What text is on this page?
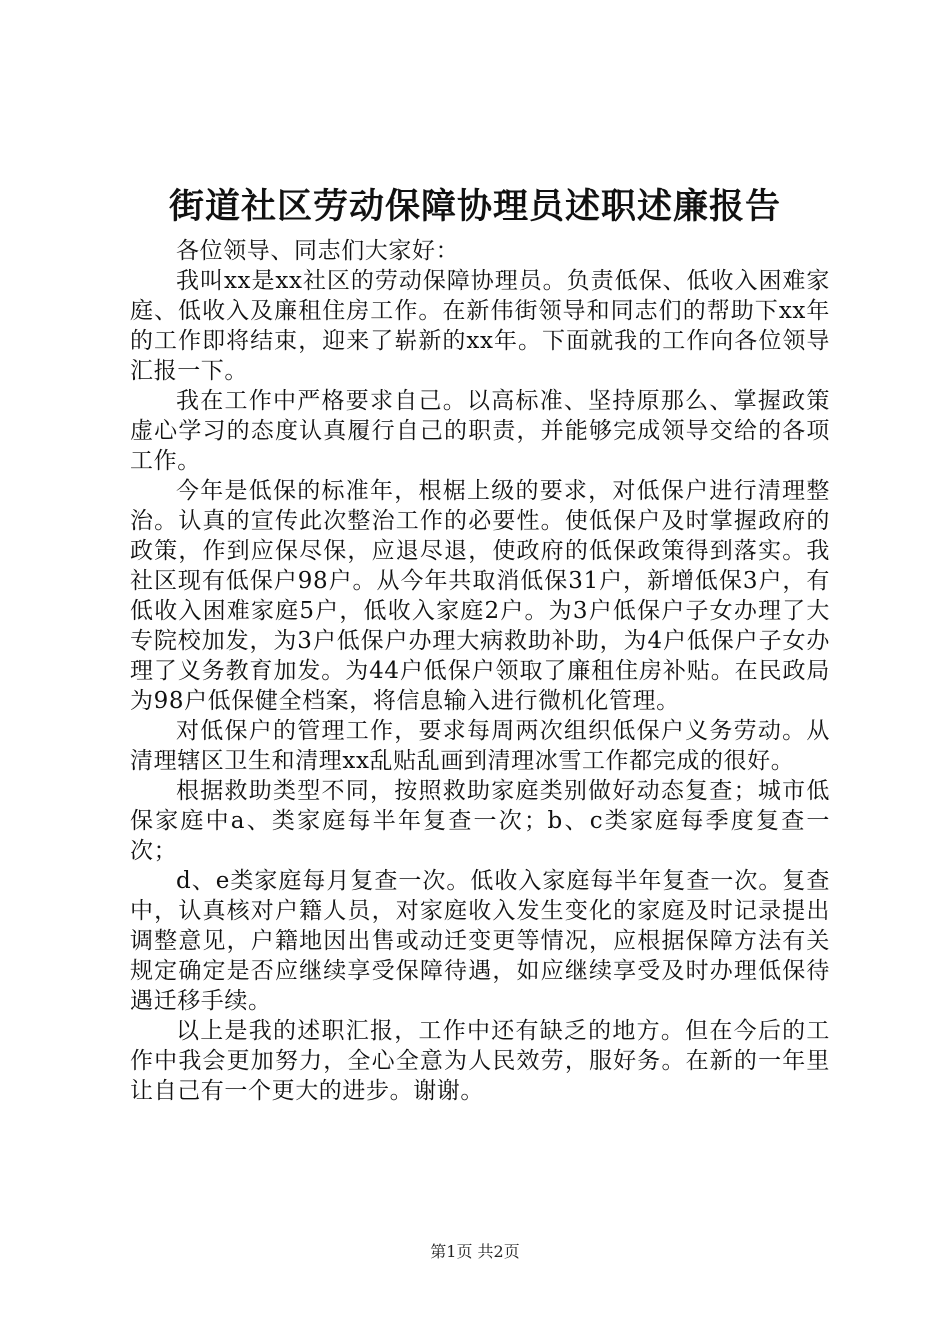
街道社区劳动保障协理员述职述廉报告

各位领导、同志们大家好：

我叫xx是xx社区的劳动保障协理员。负责低保、低收入困难家庭、低收入及廉租住房工作。在新伟街领导和同志们的帮助下xx年的工作即将结束，迎来了崭新的xx年。下面就我的工作向各位领导汇报一下。

我在工作中严格要求自己。以高标准、坚持原那么、掌握政策虚心学习的态度认真履行自己的职责，并能够完成领导交给的各项工作。

今年是低保的标准年，根椐上级的要求，对低保户进行清理整治。认真的宣传此次整治工作的必要性。使低保户及时掌握政府的政策，作到应保尽保，应退尽退，使政府的低保政策得到落实。我社区现有低保户98户。从今年共取消低保31户，新增低保3户，有低收入困难家庭5户，低收入家庭2户。为3户低保户子女办理了大专院校加发，为3户低保户办理大病救助补助，为4户低保户子女办理了义务教育加发。为44户低保户领取了廉租住房补贴。在民政局为98户低保健全档案，将信息输入进行微机化管理。

对低保户的管理工作，要求每周两次组织低保户义务劳动。从清理辖区卫生和清理xx乱贴乱画到清理冰雪工作都完成的很好。

根据救助类型不同，按照救助家庭类别做好动态复查；城市低保家庭中a、类家庭每半年复查一次；b、c类家庭每季度复查一次；

d、e类家庭每月复查一次。低收入家庭每半年复查一次。复查中，认真核对户籍人员，对家庭收入发生变化的家庭及时记录提出调整意见，户籍地因出售或动迁变更等情况，应根据保障方法有关规定确定是否应继续享受保障待遇，如应继续享受及时办理低保待遇迁移手续。

以上是我的述职汇报，工作中还有缺乏的地方。但在今后的工作中我会更加努力，全心全意为人民效劳，服好务。在新的一年里让自己有一个更大的进步。谢谢。

第1页 共2页
